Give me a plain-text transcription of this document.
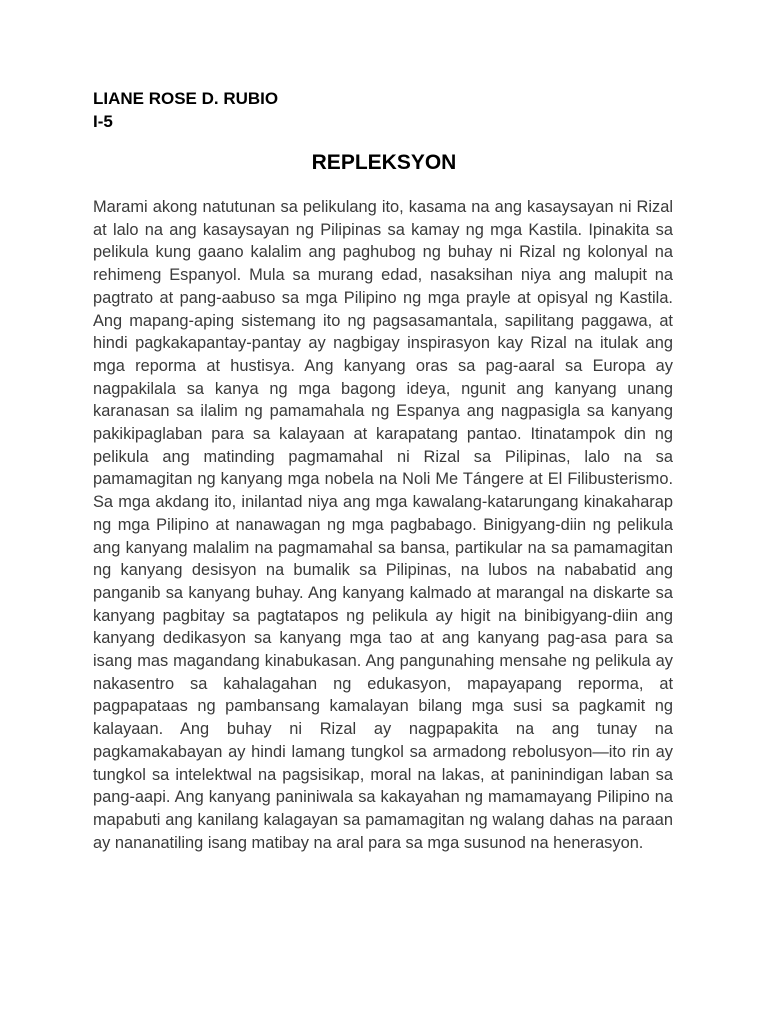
LIANE ROSE D. RUBIO

I-5

REPLEKSYON

Marami akong natutunan sa pelikulang ito, kasama na ang kasaysayan ni Rizal at lalo na ang kasaysayan ng Pilipinas sa kamay ng mga Kastila. Ipinakita sa pelikula kung gaano kalalim ang paghubog ng buhay ni Rizal ng kolonyal na rehimeng Espanyol. Mula sa murang edad, nasaksihan niya ang malupit na pagtrato at pang-aabuso sa mga Pilipino ng mga prayle at opisyal ng Kastila. Ang mapang-aping sistemang ito ng pagsasamantala, sapilitang paggawa, at hindi pagkakapantay-pantay ay nagbigay inspirasyon kay Rizal na itulak ang mga reporma at hustisya. Ang kanyang oras sa pag-aaral sa Europa ay nagpakilala sa kanya ng mga bagong ideya, ngunit ang kanyang unang karanasan sa ilalim ng pamamahala ng Espanya ang nagpasigla sa kanyang pakikipaglaban para sa kalayaan at karapatang pantao. Itinatampok din ng pelikula ang matinding pagmamahal ni Rizal sa Pilipinas, lalo na sa pamamagitan ng kanyang mga nobela na Noli Me Tángere at El Filibusterismo. Sa mga akdang ito, inilantad niya ang mga kawalang-katarungang kinakaharap ng mga Pilipino at nanawagan ng mga pagbabago. Binigyang-diin ng pelikula ang kanyang malalim na pagmamahal sa bansa, partikular na sa pamamagitan ng kanyang desisyon na bumalik sa Pilipinas, na lubos na nababatid ang panganib sa kanyang buhay. Ang kanyang kalmado at marangal na diskarte sa kanyang pagbitay sa pagtatapos ng pelikula ay higit na binibigyang-diin ang kanyang dedikasyon sa kanyang mga tao at ang kanyang pag-asa para sa isang mas magandang kinabukasan. Ang pangunahing mensahe ng pelikula ay nakasentro sa kahalagahan ng edukasyon, mapayapang reporma, at pagpapataas ng pambansang kamalayan bilang mga susi sa pagkamit ng kalayaan. Ang buhay ni Rizal ay nagpapakita na ang tunay na pagkamakabayan ay hindi lamang tungkol sa armadong rebolusyon—ito rin ay tungkol sa intelektwal na pagsisikap, moral na lakas, at paninindigan laban sa pang-aapi. Ang kanyang paniniwala sa kakayahan ng mamamayang Pilipino na mapabuti ang kanilang kalagayan sa pamamagitan ng walang dahas na paraan ay nananatiling isang matibay na aral para sa mga susunod na henerasyon.
